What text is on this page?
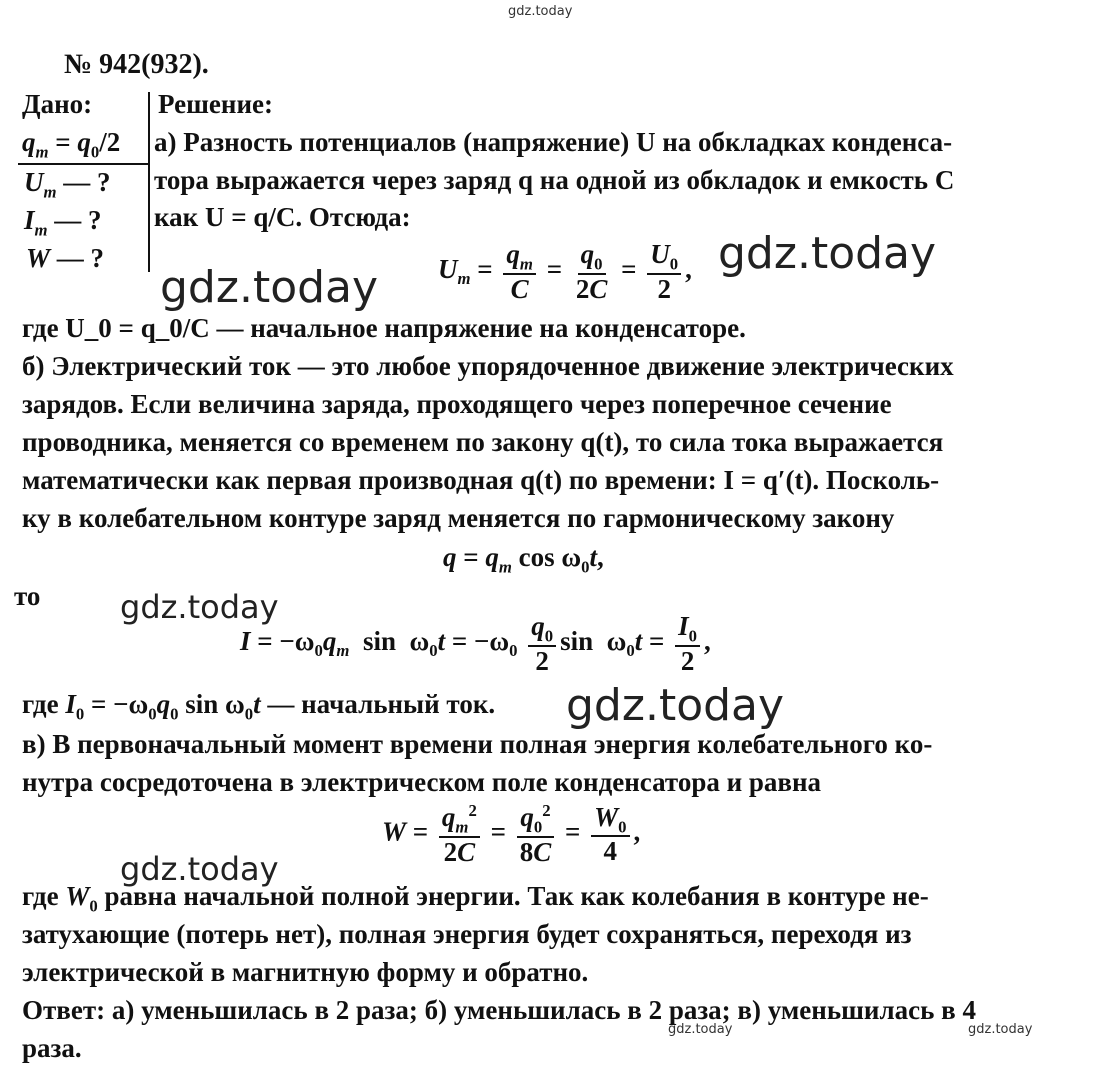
gdz.today
№ 942(932).
Дано:
$q_m = q_0/2$
$U_m$ — ?
$I_m$ — ?
W — ?
Решение:
а) Разность потенциалов (напряжение) U на обкладках конденса-
тора выражается через заряд q на одной из обкладок и емкость C
как U = q/C. Отсюда:
$U_m = \frac{q_m}{C} = \frac{q_0}{2C} = \frac{U_0}{2}$ ,
gdz.today
gdz.today
где U_0 = q_0/C — начальное напряжение на конденсаторе.
б) Электрический ток — это любое упорядоченное движение электрических
зарядов. Если величина заряда, проходящего через поперечное сечение
проводника, меняется со временем по закону q(t), то сила тока выражается
математически как первая производная q(t) по времени: I = q′(t). Посколь-
ку в колебательном контуре заряд меняется по гармоническому закону
$q = q_m$ $\cos \omega_0t$,
то gdz.today
$I = -\omega_0q_m$  $\sin \omega_0t = -\omega_0 \frac{q_0}{2}$ $\sin \omega_0t = \frac{I_0}{2}$ ,
где $I_0 = -\omega_0q_0$ $\sin \omega_0t$ — начальный ток. gdz.today
в) В первоначальный момент времени полная энергия колебательного ко-
нутра сосредоточена в электрическом поле конденсатора и равна
$W = \frac{q_m^2}{2C} = \frac{q_0^2}{8C} = \frac{W_0}{4}$ ,
gdz.today
где $W_0$ равна начальной полной энергии. Так как колебания в контуре не-
затухающие (потерь нет), полная энергия будет сохраняться, переходя из
электрической в магнитную форму и обратно.
Ответ: а) уменьшилась в 2 раза; б) уменьшилась в 2 раза; в) уменьшилась в 4
раза.
gdz.today	gdz.today
